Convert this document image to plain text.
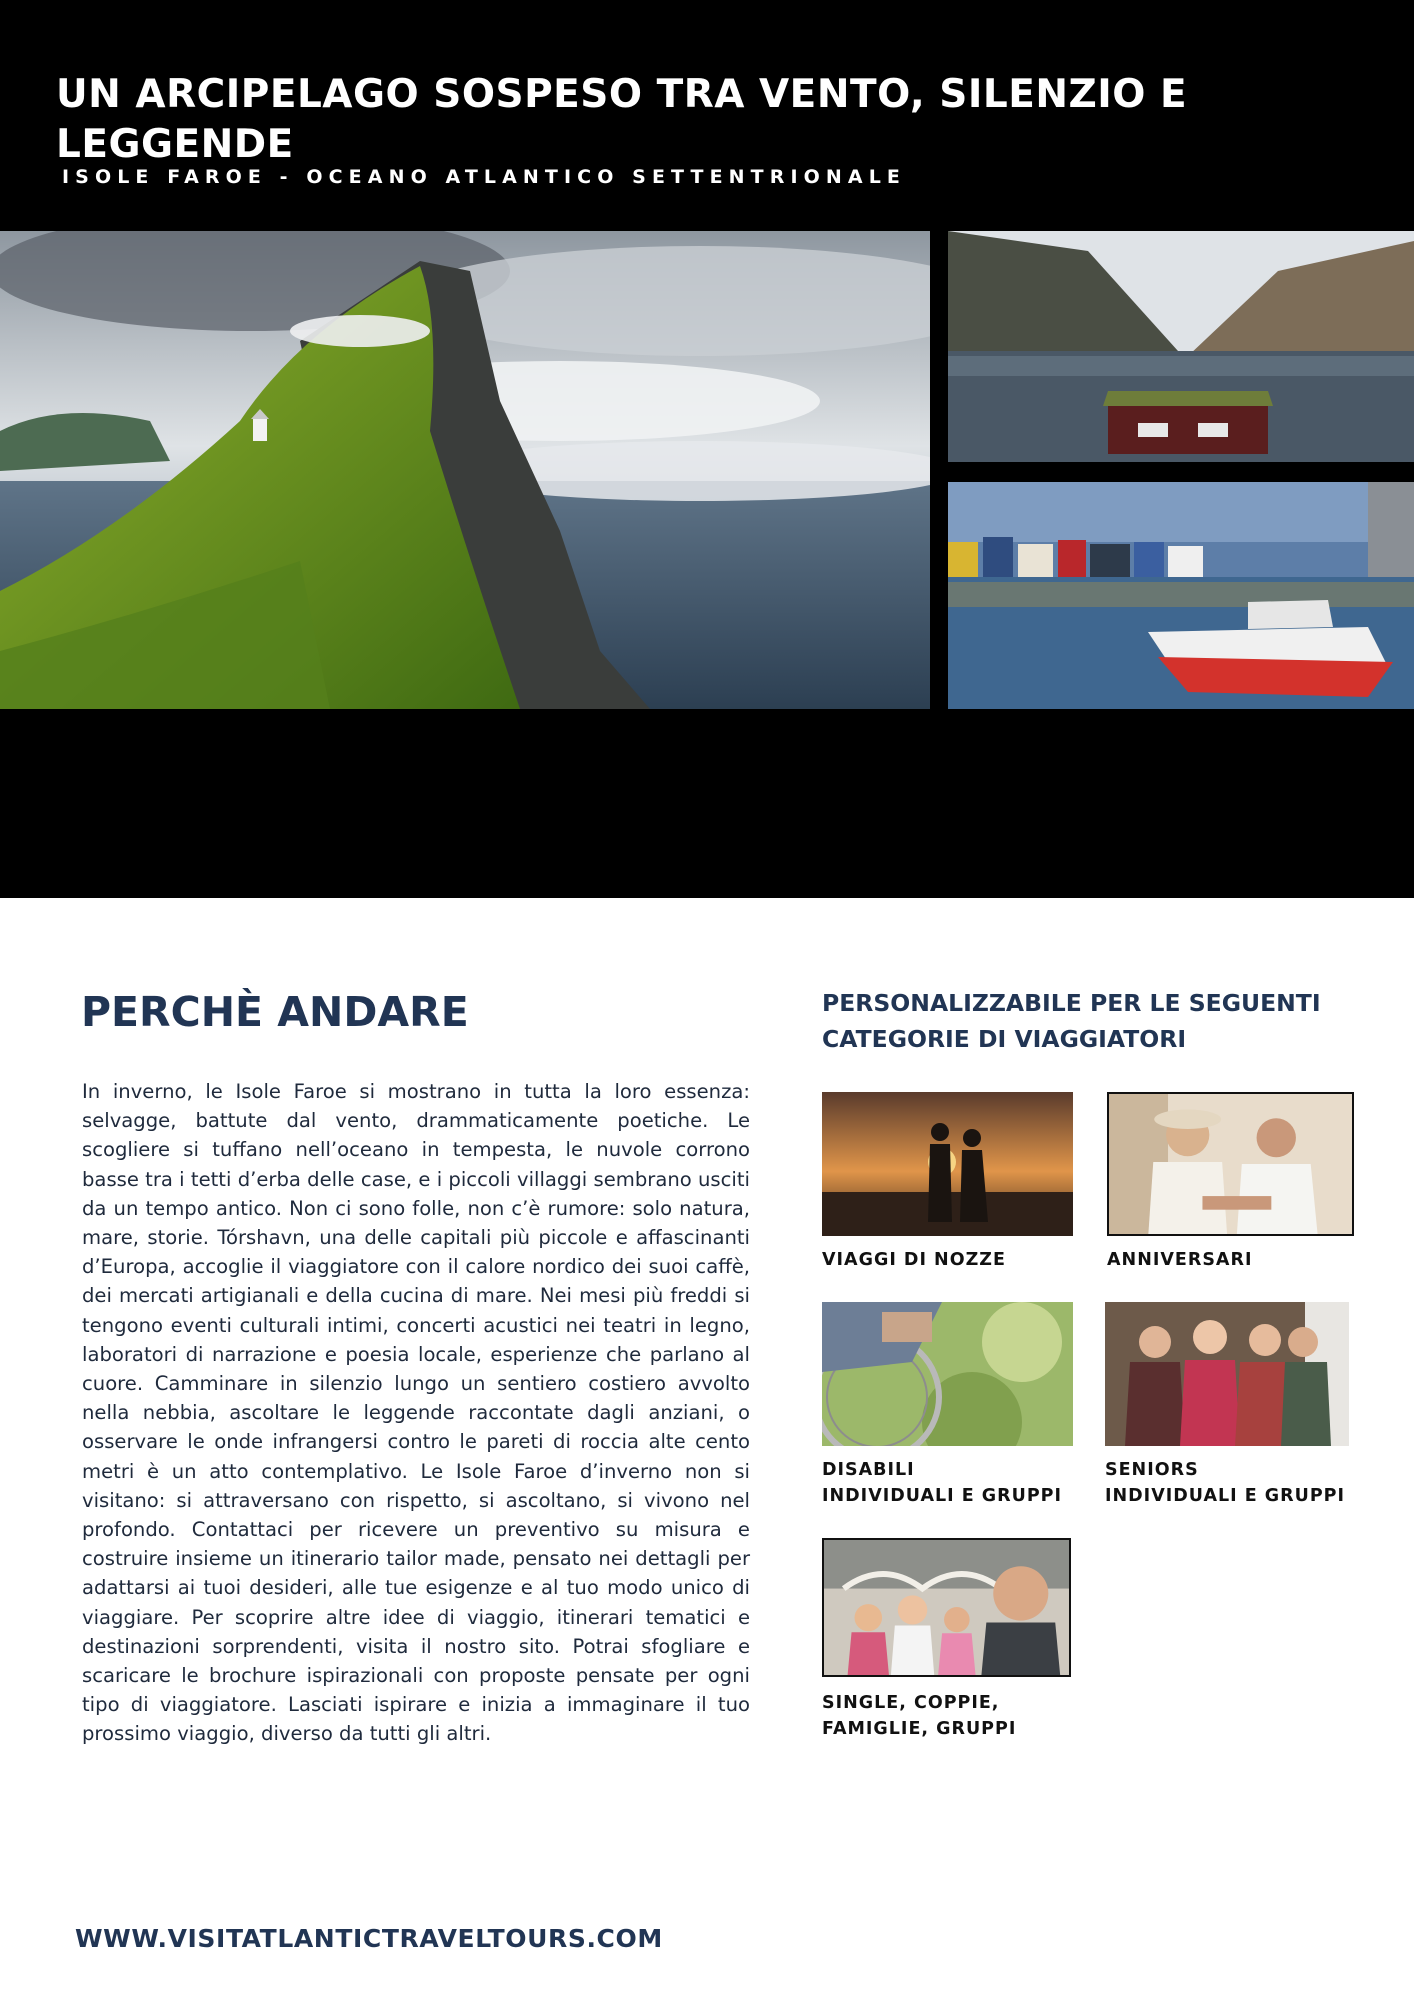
UN ARCIPELAGO SOSPESO TRA VENTO, SILENZIO E LEGGENDE
ISOLE FAROE - OCEANO ATLANTICO SETTENTRIONALE
PERCHÈ ANDARE

In inverno, le Isole Faroe si mostrano in tutta la loro essenza: selvagge, battute dal vento, drammaticamente poetiche. Le scogliere si tuffano nell’oceano in tempesta, le nuvole corrono basse tra i tetti d’erba delle case, e i piccoli villaggi sembrano usciti da un tempo antico. Non ci sono folle, non c’è rumore: solo natura, mare, storie. Tórshavn, una delle capitali più piccole e affascinanti d’Europa, accoglie il viaggiatore con il calore nordico dei suoi caffè, dei mercati artigianali e della cucina di mare. Nei mesi più freddi si tengono eventi culturali intimi, concerti acustici nei teatri in legno, laboratori di narrazione e poesia locale, esperienze che parlano al cuore. Camminare in silenzio lungo un sentiero costiero avvolto nella nebbia, ascoltare le leggende raccontate dagli anziani, o osservare le onde infrangersi contro le pareti di roccia alte cento metri è un atto contemplativo. Le Isole Faroe d’inverno non si visitano: si attraversano con rispetto, si ascoltano, si vivono nel profondo. Contattaci per ricevere un preventivo su misura e costruire insieme un itinerario tailor made, pensato nei dettagli per adattarsi ai tuoi desideri, alle tue esigenze e al tuo modo unico di viaggiare. Per scoprire altre idee di viaggio, itinerari tematici e destinazioni sorprendenti, visita il nostro sito. Potrai sfogliare e scaricare le brochure ispirazionali con proposte pensate per ogni tipo di viaggiatore. Lasciati ispirare e inizia a immaginare il tuo prossimo viaggio, diverso da tutti gli altri.

PERSONALIZZABILE PER LE SEGUENTI CATEGORIE DI VIAGGIATORI
VIAGGI DI NOZZE	ANNIVERSARI
DISABILI
INDIVIDUALI E GRUPPI
SENIORS
INDIVIDUALI E GRUPPI
SINGLE, COPPIE,
FAMIGLIE, GRUPPI
WWW.VISITATLANTICTRAVELTOURS.COM
